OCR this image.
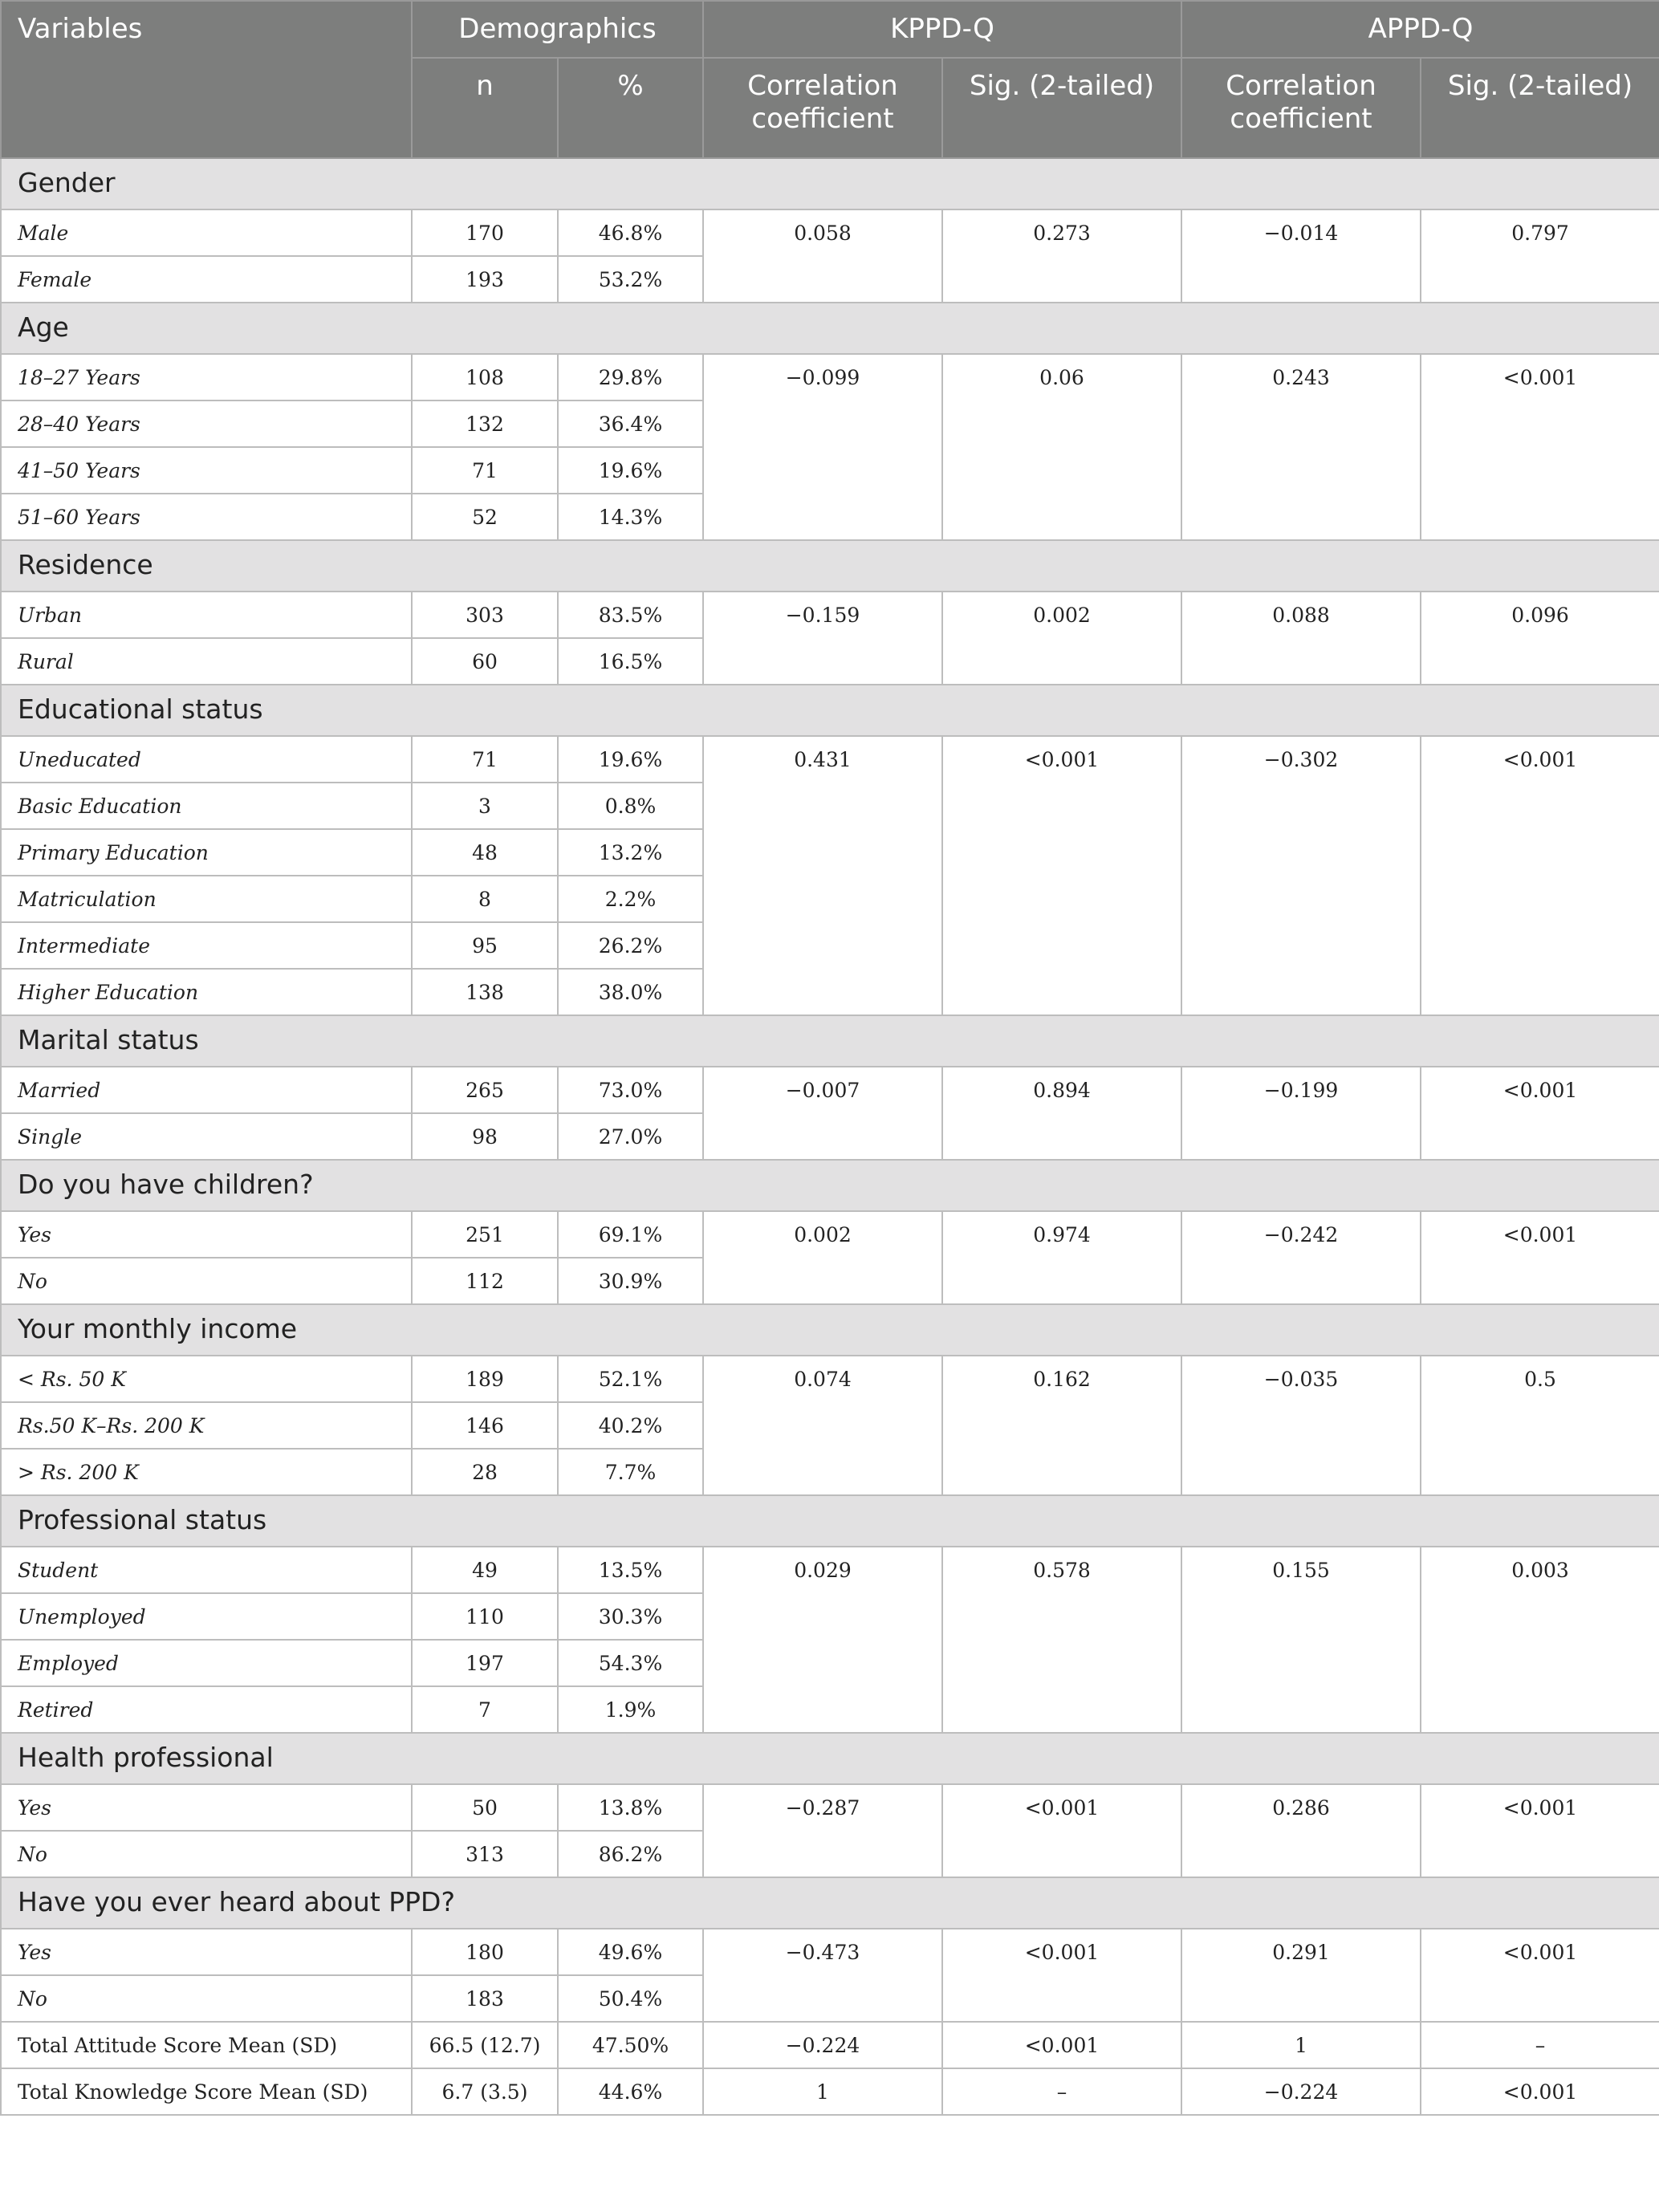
Variables	Demographics		KPPD-Q		APPD-Q	
	n	%	Correlation coefficient	Sig. (2-tailed)	Correlation coefficient	Sig. (2-tailed)
Gender						
Male	170	46.8%	0.058	0.273	−0.014	0.797
Female	193	53.2%				
Age						
18–27 Years	108	29.8%	−0.099	0.06	0.243	<0.001
28–40 Years	132	36.4%				
41–50 Years	71	19.6%				
51–60 Years	52	14.3%				
Residence						
Urban	303	83.5%	−0.159	0.002	0.088	0.096
Rural	60	16.5%				
Educational status						
Uneducated	71	19.6%	0.431	<0.001	−0.302	<0.001
Basic Education	3	0.8%				
Primary Education	48	13.2%				
Matriculation	8	2.2%				
Intermediate	95	26.2%				
Higher Education	138	38.0%				
Marital status						
Married	265	73.0%	−0.007	0.894	−0.199	<0.001
Single	98	27.0%				
Do you have children?						
Yes	251	69.1%	0.002	0.974	−0.242	<0.001
No	112	30.9%				
Your monthly income						
< Rs. 50 K	189	52.1%	0.074	0.162	−0.035	0.5
Rs.50 K–Rs. 200 K	146	40.2%				
> Rs. 200 K	28	7.7%				
Professional status						
Student	49	13.5%	0.029	0.578	0.155	0.003
Unemployed	110	30.3%				
Employed	197	54.3%				
Retired	7	1.9%				
Health professional						
Yes	50	13.8%	−0.287	<0.001	0.286	<0.001
No	313	86.2%				
Have you ever heard about PPD?						
Yes	180	49.6%	−0.473	<0.001	0.291	<0.001
No	183	50.4%				
Total Attitude Score Mean (SD)	66.5 (12.7)	47.50%	−0.224	<0.001	1	–
Total Knowledge Score Mean (SD)	6.7 (3.5)	44.6%	1	–	−0.224	<0.001
